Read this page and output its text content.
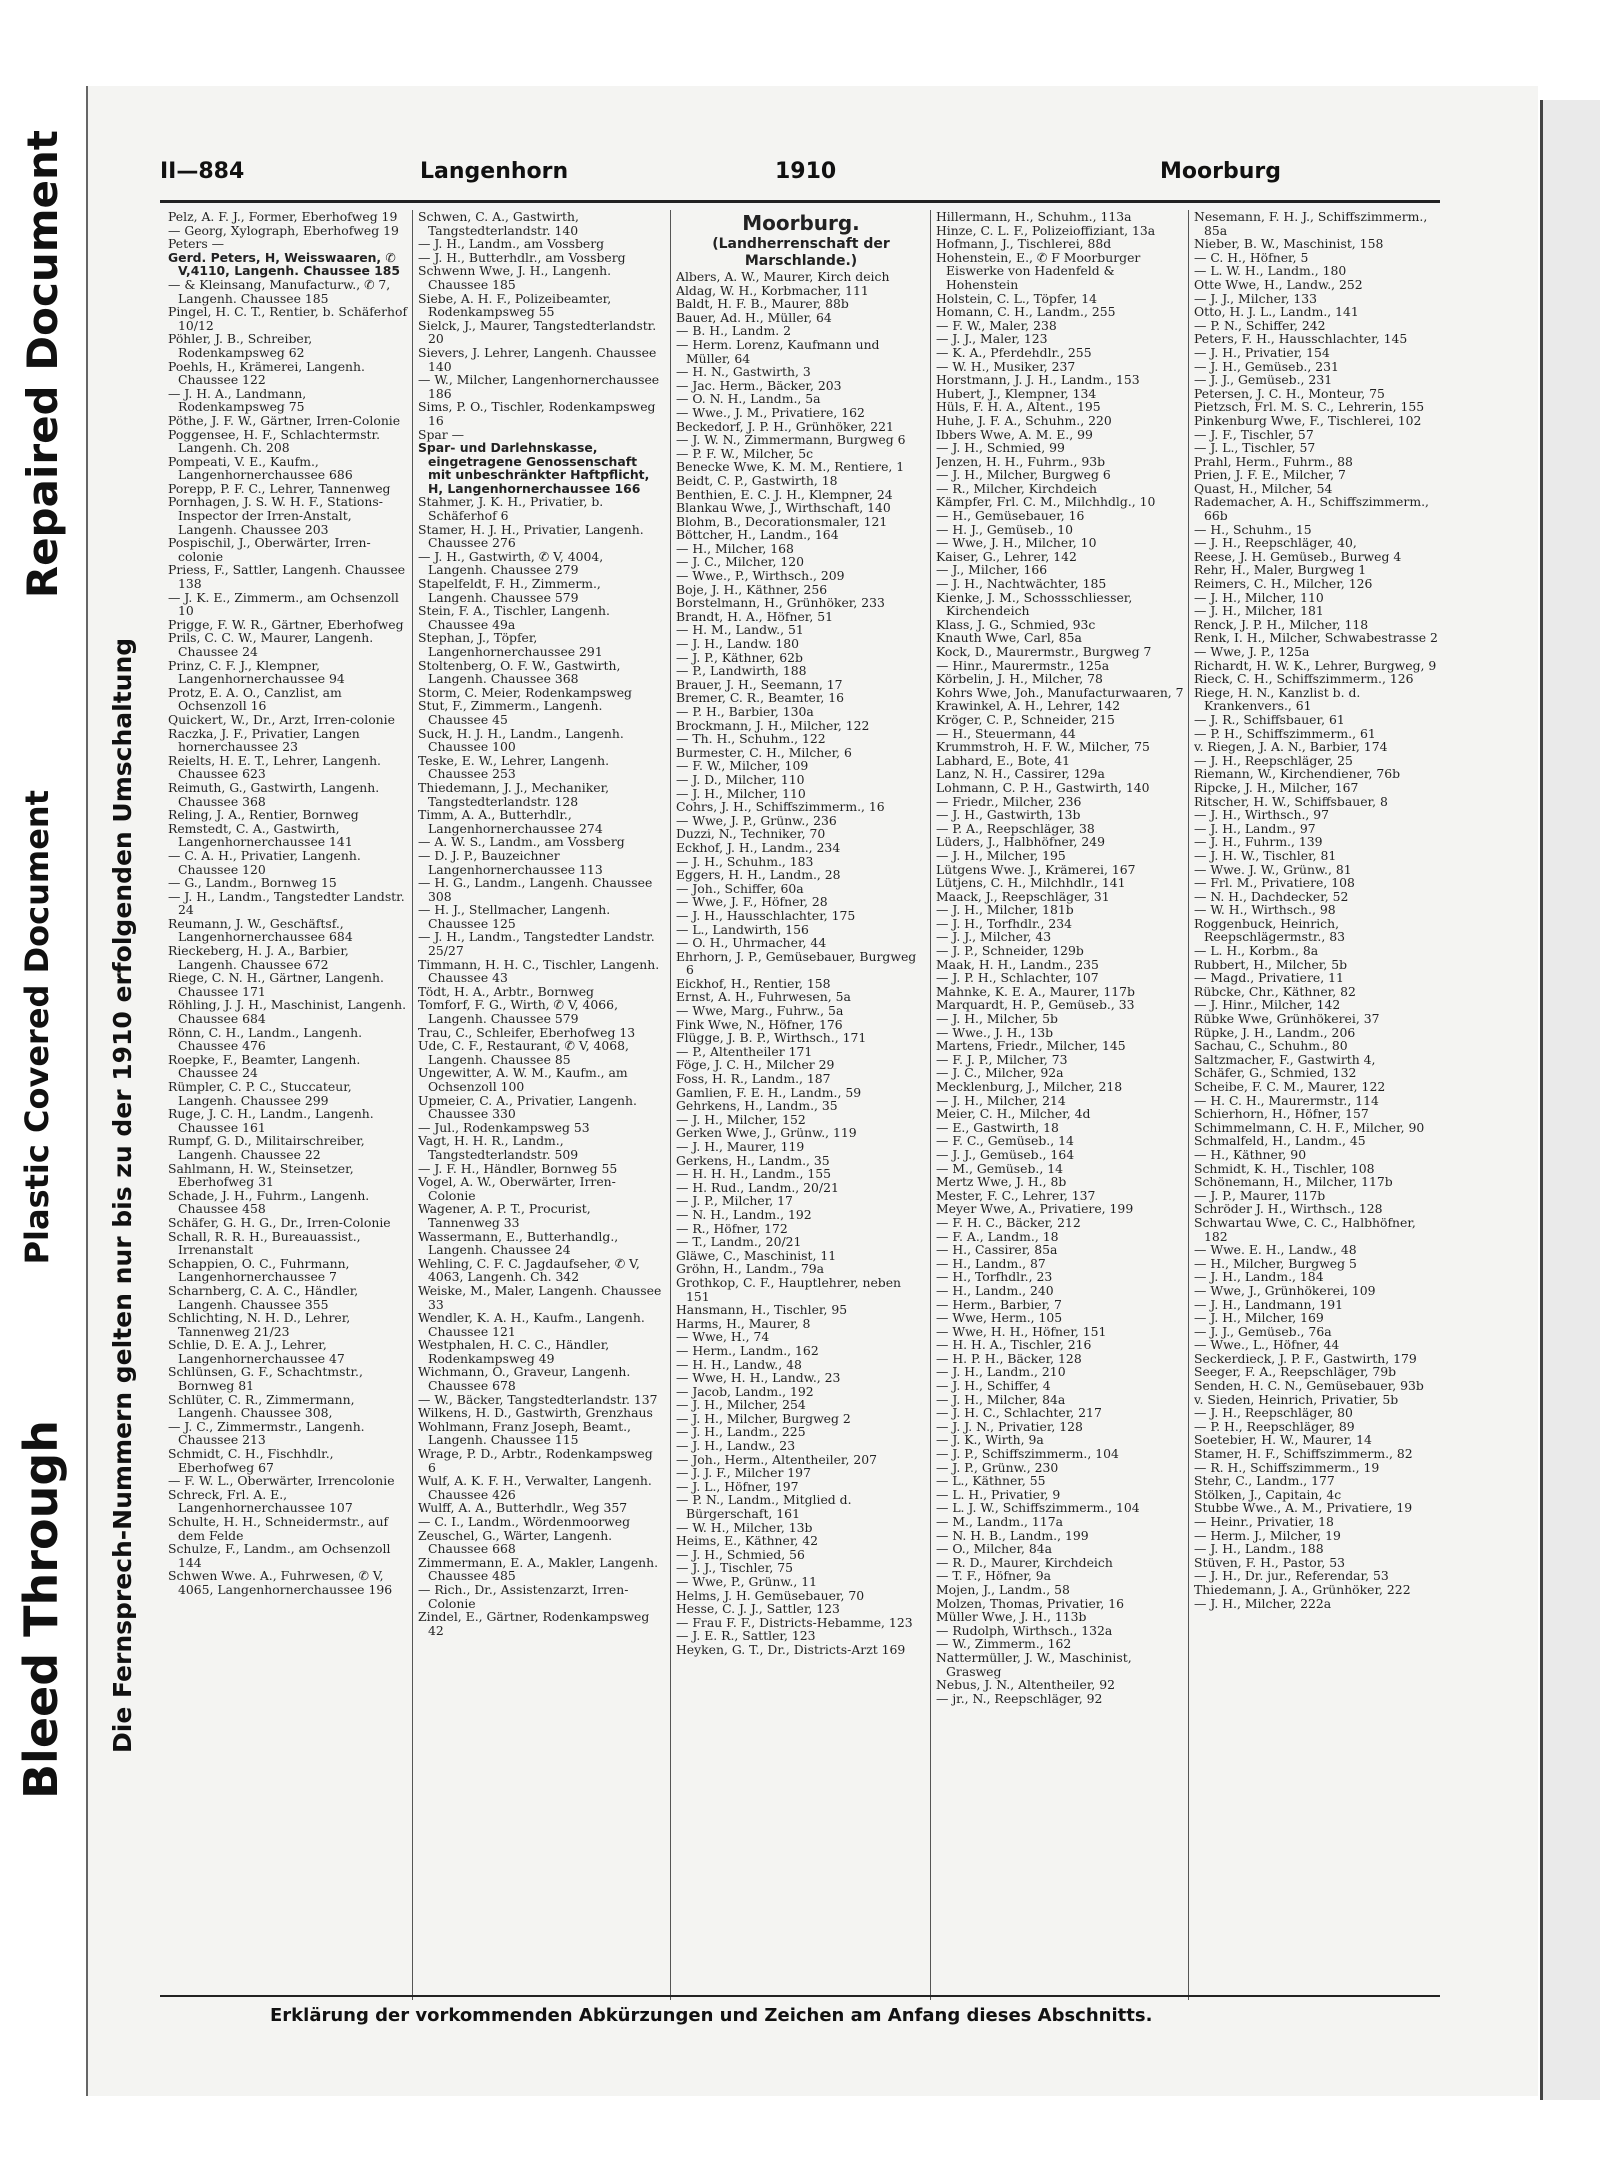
Repaired Document
Plastic Covered Document
Bleed Through Die Fernsprech-Nummern gelten nur bis zu der 1910 erfolgenden Umschaltung
II—884	Langenhorn	1910	Moorburg

Pelz, A. F. J., Former, Eberhofweg 19

— Georg, Xylograph, Eberhofweg 19

Peters —

Gerd. Peters, H, Weisswaaren, ✆ V,4110, Langenh. Chaussee 185

— & Kleinsang, Manufacturw., ✆ 7, Langenh. Chaussee 185

Pingel, H. C. T., Rentier, b. Schäferhof 10/12

Pöhler, J. B., Schreiber, Rodenkampsweg 62

Poehls, H., Krämerei, Langenh. Chaussee 122

— J. H. A., Landmann, Rodenkampsweg 75

Pöthe, J. F. W., Gärtner, Irren-Colonie

Poggensee, H. F., Schlachtermstr. Langenh. Ch. 208

Pompeati, V. E., Kaufm., Langenhornerchaussee 686

Porepp, P. F. C., Lehrer, Tannenweg

Pornhagen, J. S. W. H. F., Stations-Inspector der Irren-Anstalt, Langenh. Chaussee 203

Pospischil, J., Oberwärter, Irren-colonie

Priess, F., Sattler, Langenh. Chaussee 138

— J. K. E., Zimmerm., am Ochsenzoll 10

Prigge, F. W. R., Gärtner, Eberhofweg

Prils, C. C. W., Maurer, Langenh. Chaussee 24

Prinz, C. F. J., Klempner, Langenhornerchaussee 94

Protz, E. A. O., Canzlist, am Ochsenzoll 16

Quickert, W., Dr., Arzt, Irren-colonie

Raczka, J. F., Privatier, Langen hornerchaussee 23

Reielts, H. E. T., Lehrer, Langenh. Chaussee 623

Reimuth, G., Gastwirth, Langenh. Chaussee 368

Reling, J. A., Rentier, Bornweg

Remstedt, C. A., Gastwirth, Langenhornerchaussee 141

— C. A. H., Privatier, Langenh. Chaussee 120

— G., Landm., Bornweg 15

— J. H., Landm., Tangstedter Landstr. 24

Reumann, J. W., Geschäftsf., Langenhornerchaussee 684

Rieckeberg, H. J. A., Barbier, Langenh. Chaussee 672

Riege, C. N. H., Gärtner, Langenh. Chaussee 171

Röhling, J. J. H., Maschinist, Langenh. Chaussee 684

Rönn, C. H., Landm., Langenh. Chaussee 476

Roepke, F., Beamter, Langenh. Chaussee 24

Rümpler, C. P. C., Stuccateur, Langenh. Chaussee 299

Ruge, J. C. H., Landm., Langenh. Chaussee 161

Rumpf, G. D., Militairschreiber, Langenh. Chaussee 22

Sahlmann, H. W., Steinsetzer, Eberhofweg 31

Schade, J. H., Fuhrm., Langenh. Chaussee 458

Schäfer, G. H. G., Dr., Irren-Colonie

Schall, R. R. H., Bureauassist., Irrenanstalt

Schappien, O. C., Fuhrmann, Langenhornerchaussee 7

Scharnberg, C. A. C., Händler, Langenh. Chaussee 355

Schlichting, N. H. D., Lehrer, Tannenweg 21/23

Schlie, D. E. A. J., Lehrer, Langenhornerchaussee 47

Schlünsen, G. F., Schachtmstr., Bornweg 81

Schlüter, C. R., Zimmermann, Langenh. Chaussee 308,

— J. C., Zimmermstr., Langenh. Chaussee 213

Schmidt, C. H., Fischhdlr., Eberhofweg 67

— F. W. L., Oberwärter, Irrencolonie

Schreck, Frl. A. E., Langenhornerchaussee 107

Schulte, H. H., Schneidermstr., auf dem Felde

Schulze, F., Landm., am Ochsenzoll 144

Schwen Wwe. A., Fuhrwesen, ✆ V, 4065, Langenhornerchaussee 196

Schwen, C. A., Gastwirth, Tangstedterlandstr. 140

— J. H., Landm., am Vossberg

— J. H., Butterhdlr., am Vossberg

Schwenn Wwe, J. H., Langenh. Chaussee 185

Siebe, A. H. F., Polizeibeamter, Rodenkampsweg 55

Sielck, J., Maurer, Tangstedterlandstr. 20

Sievers, J. Lehrer, Langenh. Chaussee 140

— W., Milcher, Langenhornerchaussee 186

Sims, P. O., Tischler, Rodenkampsweg 16

Spar —

Spar- und Darlehnskasse, eingetragene Genossenschaft mit unbeschränkter Haftpflicht, H, Langenhornerchaussee 166

Stahmer, J. K. H., Privatier, b. Schäferhof 6

Stamer, H. J. H., Privatier, Langenh. Chaussee 276

— J. H., Gastwirth, ✆ V, 4004, Langenh. Chaussee 279

Stapelfeldt, F. H., Zimmerm., Langenh. Chaussee 579

Stein, F. A., Tischler, Langenh. Chaussee 49a

Stephan, J., Töpfer, Langenhornerchaussee 291

Stoltenberg, O. F. W., Gastwirth, Langenh. Chaussee 368

Storm, C. Meier, Rodenkampsweg

Stut, F., Zimmerm., Langenh. Chaussee 45

Suck, H. J. H., Landm., Langenh. Chaussee 100

Teske, E. W., Lehrer, Langenh. Chaussee 253

Thiedemann, J. J., Mechaniker, Tangstedterlandstr. 128

Timm, A. A., Butterhdlr., Langenhornerchaussee 274

— A. W. S., Landm., am Vossberg

— D. J. P., Bauzeichner Langenhornerchaussee 113

— H. G., Landm., Langenh. Chaussee 308

— H. J., Stellmacher, Langenh. Chaussee 125

— J. H., Landm., Tangstedter Landstr. 25/27

Timmann, H. H. C., Tischler, Langenh. Chaussee 43

Tödt, H. A., Arbtr., Bornweg

Tomforf, F. G., Wirth, ✆ V, 4066, Langenh. Chaussee 579

Trau, C., Schleifer, Eberhofweg 13

Ude, C. F., Restaurant, ✆ V, 4068, Langenh. Chaussee 85

Ungewitter, A. W. M., Kaufm., am Ochsenzoll 100

Upmeier, C. A., Privatier, Langenh. Chaussee 330

— Jul., Rodenkampsweg 53

Vagt, H. H. R., Landm., Tangstedterlandstr. 509

— J. F. H., Händler, Bornweg 55

Vogel, A. W., Oberwärter, Irren-Colonie

Wagener, A. P. T., Procurist, Tannenweg 33

Wassermann, E., Butterhandlg., Langenh. Chaussee 24

Wehling, C. F. C. Jagdaufseher, ✆ V, 4063, Langenh. Ch. 342

Weiske, M., Maler, Langenh. Chaussee 33

Wendler, K. A. H., Kaufm., Langenh. Chaussee 121

Westphalen, H. C. C., Händler, Rodenkampsweg 49

Wichmann, O., Graveur, Langenh. Chaussee 678

— W., Bäcker, Tangstedterlandstr. 137

Wilkens, H. D., Gastwirth, Grenzhaus

Wohlmann, Franz Joseph, Beamt., Langenh. Chaussee 115

Wrage, P. D., Arbtr., Rodenkampsweg 6

Wulf, A. K. F. H., Verwalter, Langenh. Chaussee 426

Wulff, A. A., Butterhdlr., Weg 357

— C. I., Landm., Wördenmoorweg

Zeuschel, G., Wärter, Langenh. Chaussee 668

Zimmermann, E. A., Makler, Langenh. Chaussee 485

— Rich., Dr., Assistenzarzt, Irren-Colonie

Zindel, E., Gärtner, Rodenkampsweg 42

Moorburg.
(Landherrenschaft der Marschlande.)

Albers, A. W., Maurer, Kirch deich

Aldag, W. H., Korbmacher, 111

Baldt, H. F. B., Maurer, 88b

Bauer, Ad. H., Müller, 64

— B. H., Landm. 2

— Herm. Lorenz, Kaufmann und Müller, 64

— H. N., Gastwirth, 3

— Jac. Herm., Bäcker, 203

— O. N. H., Landm., 5a

— Wwe., J. M., Privatiere, 162

Beckedorf, J. P. H., Grünhöker, 221

— J. W. N., Zimmermann, Burgweg 6

— P. F. W., Milcher, 5c

Benecke Wwe, K. M. M., Rentiere, 1

Beidt, C. P., Gastwirth, 18

Benthien, E. C. J. H., Klempner, 24

Blankau Wwe, J., Wirthschaft, 140

Blohm, B., Decorationsmaler, 121

Böttcher, H., Landm., 164

— H., Milcher, 168

— J. C., Milcher, 120

— Wwe., P., Wirthsch., 209

Boje, J. H., Käthner, 256

Borstelmann, H., Grünhöker, 233

Brandt, H. A., Höfner, 51

— H. M., Landw., 51

— J. H., Landw. 180

— J. P., Käthner, 62b

— P., Landwirth, 188

Brauer, J. H., Seemann, 17

Bremer, C. R., Beamter, 16

— P. H., Barbier, 130a

Brockmann, J. H., Milcher, 122

— Th. H., Schuhm., 122

Burmester, C. H., Milcher, 6

— F. W., Milcher, 109

— J. D., Milcher, 110

— J. H., Milcher, 110

Cohrs, J. H., Schiffszimmerm., 16

— Wwe, J. P., Grünw., 236

Duzzi, N., Techniker, 70

Eckhof, J. H., Landm., 234

— J. H., Schuhm., 183

Eggers, H. H., Landm., 28

— Joh., Schiffer, 60a

— Wwe, J. F., Höfner, 28

— J. H., Hausschlachter, 175

— L., Landwirth, 156

— O. H., Uhrmacher, 44

Ehrhorn, J. P., Gemüsebauer, Burgweg 6

Eickhof, H., Rentier, 158

Ernst, A. H., Fuhrwesen, 5a

— Wwe, Marg., Fuhrw., 5a

Fink Wwe, N., Höfner, 176

Flügge, J. B. P., Wirthsch., 171

— P., Altentheiler 171

Föge, J. C. H., Milcher 29

Foss, H. R., Landm., 187

Gamlien, F. E. H., Landm., 59

Gehrkens, H., Landm., 35

— J. H., Milcher, 152

Gerken Wwe, J., Grünw., 119

— J. H., Maurer, 119

Gerkens, H., Landm., 35

— H. H. H., Landm., 155

— H. Rud., Landm., 20/21

— J. P., Milcher, 17

— N. H., Landm., 192

— R., Höfner, 172

— T., Landm., 20/21

Gläwe, C., Maschinist, 11

Gröhn, H., Landm., 79a

Grothkop, C. F., Hauptlehrer, neben 151

Hansmann, H., Tischler, 95

Harms, H., Maurer, 8

— Wwe, H., 74

— Herm., Landm., 162

— H. H., Landw., 48

— Wwe, H. H., Landw., 23

— Jacob, Landm., 192

— J. H., Milcher, 254

— J. H., Milcher, Burgweg 2

— J. H., Landm., 225

— J. H., Landw., 23

— Joh., Herm., Altentheiler, 207

— J. J. F., Milcher 197

— J. L., Höfner, 197

— P. N., Landm., Mitglied d. Bürgerschaft, 161

— W. H., Milcher, 13b

Heims, E., Käthner, 42

— J. H., Schmied, 56

— J. J., Tischler, 75

— Wwe, P., Grünw., 11

Helms, J. H. Gemüsebauer, 70

Hesse, C. J. J., Sattler, 123

— Frau F. F., Districts-Hebamme, 123

— J. E. R., Sattler, 123

Heyken, G. T., Dr., Districts-Arzt 169

Hillermann, H., Schuhm., 113a

Hinze, C. L. F., Polizeioffiziant, 13a

Hofmann, J., Tischlerei, 88d

Hohenstein, E., ✆ F Moorburger Eiswerke von Hadenfeld & Hohenstein

Holstein, C. L., Töpfer, 14

Homann, C. H., Landm., 255

— F. W., Maler, 238

— J. J., Maler, 123

— K. A., Pferdehdlr., 255

— W. H., Musiker, 237

Horstmann, J. J. H., Landm., 153

Hubert, J., Klempner, 134

Hüls, F. H. A., Altent., 195

Huhe, J. F. A., Schuhm., 220

Ibbers Wwe, A. M. E., 99

— J. H., Schmied, 99

Jenzen, H. H., Fuhrm., 93b

— J. H., Milcher, Burgweg 6

— R., Milcher, Kirchdeich

Kämpfer, Frl. C. M., Milchhdlg., 10

— H., Gemüsebauer, 16

— H. J., Gemüseb., 10

— Wwe, J. H., Milcher, 10

Kaiser, G., Lehrer, 142

— J., Milcher, 166

— J. H., Nachtwächter, 185

Kienke, J. M., Schossschliesser, Kirchendeich

Klass, J. G., Schmied, 93c

Knauth Wwe, Carl, 85a

Kock, D., Maurermstr., Burgweg 7

— Hinr., Maurermstr., 125a

Körbelin, J. H., Milcher, 78

Kohrs Wwe, Joh., Manufacturwaaren, 7

Krawinkel, A. H., Lehrer, 142

Kröger, C. P., Schneider, 215

— H., Steuermann, 44

Krummstroh, H. F. W., Milcher, 75

Labhard, E., Bote, 41

Lanz, N. H., Cassirer, 129a

Lohmann, C. P. H., Gastwirth, 140

— Friedr., Milcher, 236

— J. H., Gastwirth, 13b

— P. A., Reepschläger, 38

Lüders, J., Halbhöfner, 249

— J. H., Milcher, 195

Lütgens Wwe. J., Krämerei, 167

Lütjens, C. H., Milchhdlr., 141

Maack, J., Reepschläger, 31

— J. H., Milcher, 181b

— J. H., Torfhdlr., 234

— J. J., Milcher, 43

— J. P., Schneider, 129b

Maak, H. H., Landm., 235

— J. P. H., Schlachter, 107

Mahnke, K. E. A., Maurer, 117b

Marquardt, H. P., Gemüseb., 33

— J. H., Milcher, 5b

— Wwe., J. H., 13b

Martens, Friedr., Milcher, 145

— F. J. P., Milcher, 73

— J. C., Milcher, 92a

Mecklenburg, J., Milcher, 218

— J. H., Milcher, 214

Meier, C. H., Milcher, 4d

— E., Gastwirth, 18

— F. C., Gemüseb., 14

— J. J., Gemüseb., 164

— M., Gemüseb., 14

Mertz Wwe, J. H., 8b

Mester, F. C., Lehrer, 137

Meyer Wwe, A., Privatiere, 199

— F. H. C., Bäcker, 212

— F. A., Landm., 18

— H., Cassirer, 85a

— H., Landm., 87

— H., Torfhdlr., 23

— H., Landm., 240

— Herm., Barbier, 7

— Wwe, Herm., 105

— Wwe, H. H., Höfner, 151

— H. H. A., Tischler, 216

— H. P. H., Bäcker, 128

— J. H., Landm., 210

— J. H., Schiffer, 4

— J. H., Milcher, 84a

— J. H. C., Schlachter, 217

— J. J. N., Privatier, 128

— J. K., Wirth, 9a

— J. P., Schiffszimmerm., 104

— J. P., Grünw., 230

— L., Käthner, 55

— L. H., Privatier, 9

— L. J. W., Schiffszimmerm., 104

— M., Landm., 117a

— N. H. B., Landm., 199

— O., Milcher, 84a

— R. D., Maurer, Kirchdeich

— T. F., Höfner, 9a

Mojen, J., Landm., 58

Molzen, Thomas, Privatier, 16

Müller Wwe, J. H., 113b

— Rudolph, Wirthsch., 132a

— W., Zimmerm., 162

Nattermüller, J. W., Maschinist, Grasweg

Nebus, J. N., Altentheiler, 92

— jr., N., Reepschläger, 92

Nesemann, F. H. J., Schiffszimmerm., 85a

Nieber, B. W., Maschinist, 158

— C. H., Höfner, 5

— L. W. H., Landm., 180

Otte Wwe, H., Landw., 252

— J. J., Milcher, 133

Otto, H. J. L., Landm., 141

— P. N., Schiffer, 242

Peters, F. H., Hausschlachter, 145

— J. H., Privatier, 154

— J. H., Gemüseb., 231

— J. J., Gemüseb., 231

Petersen, J. C. H., Monteur, 75

Pietzsch, Frl. M. S. C., Lehrerin, 155

Pinkenburg Wwe, F., Tischlerei, 102

— J. F., Tischler, 57

— J. L., Tischler, 57

Prahl, Herm., Fuhrm., 88

Prien, J. F. E., Milcher, 7

Quast, H., Milcher, 54

Rademacher, A. H., Schiffszimmerm., 66b

— H., Schuhm., 15

— J. H., Reepschläger, 40,

Reese, J. H. Gemüseb., Burweg 4

Rehr, H., Maler, Burgweg 1

Reimers, C. H., Milcher, 126

— J. H., Milcher, 110

— J. H., Milcher, 181

Renck, J. P. H., Milcher, 118

Renk, I. H., Milcher, Schwabestrasse 2

— Wwe, J. P., 125a

Richardt, H. W. K., Lehrer, Burgweg, 9

Rieck, C. H., Schiffszimmerm., 126

Riege, H. N., Kanzlist b. d. Krankenvers., 61

— J. R., Schiffsbauer, 61

— P. H., Schiffszimmerm., 61

v. Riegen, J. A. N., Barbier, 174

— J. H., Reepschläger, 25

Riemann, W., Kirchendiener, 76b

Ripcke, J. H., Milcher, 167

Ritscher, H. W., Schiffsbauer, 8

— J. H., Wirthsch., 97

— J. H., Landm., 97

— J. H., Fuhrm., 139

— J. H. W., Tischler, 81

— Wwe. J. W., Grünw., 81

— Frl. M., Privatiere, 108

— N. H., Dachdecker, 52

— W. H., Wirthsch., 98

Roggenbuck, Heinrich, Reepschlägermstr., 83

— L. H., Korbm., 8a

Rubbert, H., Milcher, 5b

— Magd., Privatiere, 11

Rübcke, Chr., Käthner, 82

— J. Hinr., Milcher, 142

Rübke Wwe, Grünhökerei, 37

Rüpke, J. H., Landm., 206

Sachau, C., Schuhm., 80

Saltzmacher, F., Gastwirth 4,

Schäfer, G., Schmied, 132

Scheibe, F. C. M., Maurer, 122

— H. C. H., Maurermstr., 114

Schierhorn, H., Höfner, 157

Schimmelmann, C. H. F., Milcher, 90

Schmalfeld, H., Landm., 45

— H., Käthner, 90

Schmidt, K. H., Tischler, 108

Schönemann, H., Milcher, 117b

— J. P., Maurer, 117b

Schröder J. H., Wirthsch., 128

Schwartau Wwe, C. C., Halbhöfner, 182

— Wwe. E. H., Landw., 48

— H., Milcher, Burgweg 5

— J. H., Landm., 184

— Wwe, J., Grünhökerei, 109

— J. H., Landmann, 191

— J. H., Milcher, 169

— J. J., Gemüseb., 76a

— Wwe., L., Höfner, 44

Seckerdieck, J. P. F., Gastwirth, 179

Seeger, F. A., Reepschläger, 79b

Senden, H. C. N., Gemüsebauer, 93b

v. Sieden, Heinrich, Privatier, 5b

— J. H., Reepschläger, 80

— P. H., Reepschläger, 89

Soetebier, H. W., Maurer, 14

Stamer, H. F., Schiffszimmerm., 82

— R. H., Schiffszimmerm., 19

Stehr, C., Landm., 177

Stölken, J., Capitain, 4c

Stubbe Wwe., A. M., Privatiere, 19

— Heinr., Privatier, 18

— Herm. J., Milcher, 19

— J. H., Landm., 188

Stüven, F. H., Pastor, 53

— J. H., Dr. jur., Referendar, 53

Thiedemann, J. A., Grünhöker, 222

— J. H., Milcher, 222a

Erklärung der vorkommenden Abkürzungen und Zeichen am Anfang dieses Abschnitts.
